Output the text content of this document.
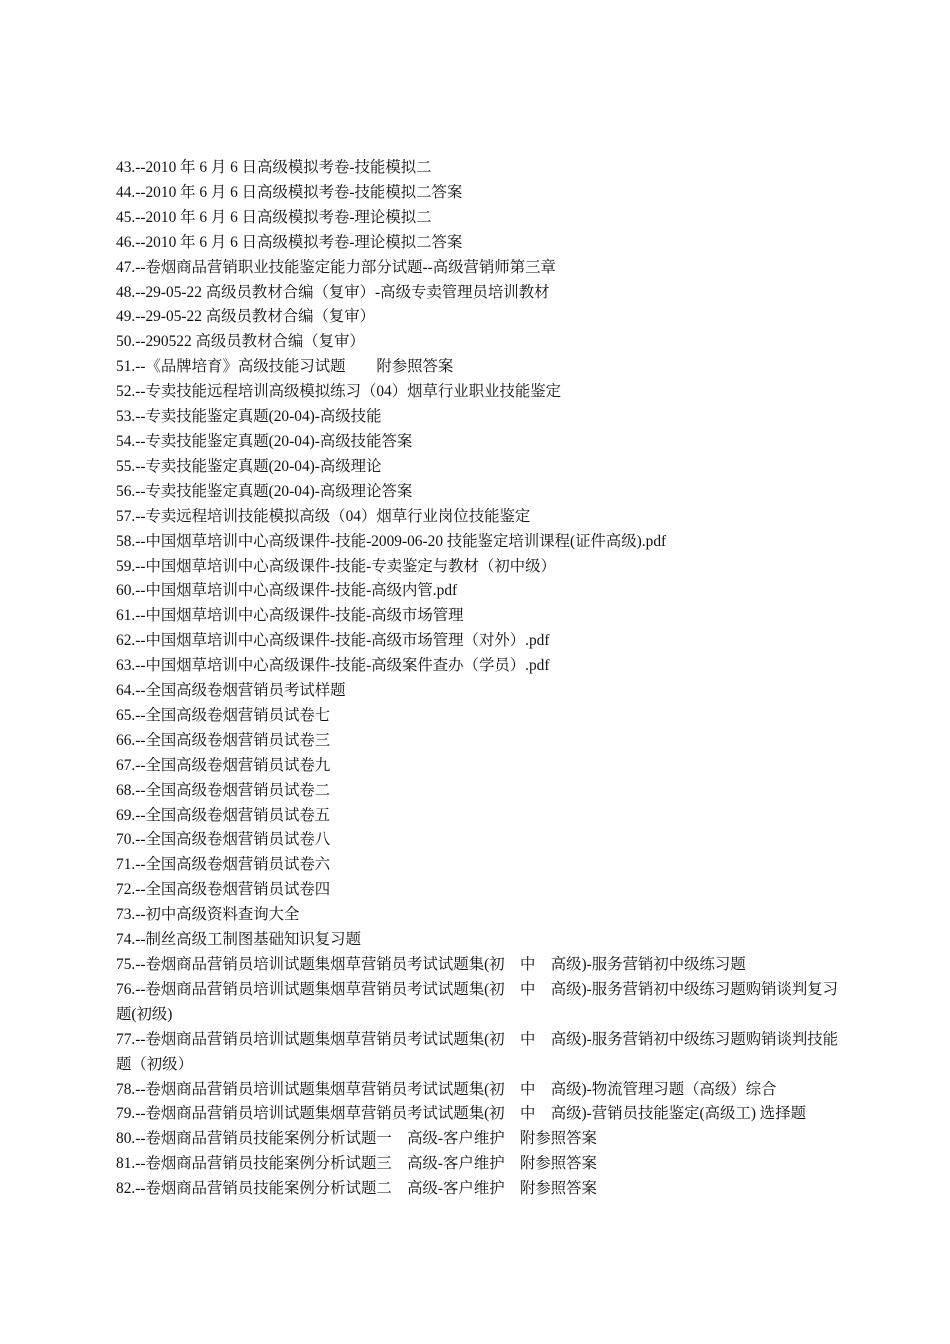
43.--2010 年 6 月 6 日高级模拟考卷-技能模拟二
44.--2010 年 6 月 6 日高级模拟考卷-技能模拟二答案
45.--2010 年 6 月 6 日高级模拟考卷-理论模拟二
46.--2010 年 6 月 6 日高级模拟考卷-理论模拟二答案
47.--卷烟商品营销职业技能鉴定能力部分试题--高级营销师第三章
48.--29-05-22 高级员教材合编（复审）-高级专卖管理员培训教材
49.--29-05-22 高级员教材合编（复审）
50.--290522 高级员教材合编（复审）
51.--《品牌培育》高级技能习试题　　附参照答案
52.--专卖技能远程培训高级模拟练习（04）烟草行业职业技能鉴定
53.--专卖技能鉴定真题(20-04)-高级技能
54.--专卖技能鉴定真题(20-04)-高级技能答案
55.--专卖技能鉴定真题(20-04)-高级理论
56.--专卖技能鉴定真题(20-04)-高级理论答案
57.--专卖远程培训技能模拟高级（04）烟草行业岗位技能鉴定
58.--中国烟草培训中心高级课件-技能-2009-06-20 技能鉴定培训课程(证件高级).pdf
59.--中国烟草培训中心高级课件-技能-专卖鉴定与教材（初中级）
60.--中国烟草培训中心高级课件-技能-高级内管.pdf
61.--中国烟草培训中心高级课件-技能-高级市场管理
62.--中国烟草培训中心高级课件-技能-高级市场管理（对外）.pdf
63.--中国烟草培训中心高级课件-技能-高级案件查办（学员）.pdf
64.--全国高级卷烟营销员考试样题
65.--全国高级卷烟营销员试卷七
66.--全国高级卷烟营销员试卷三
67.--全国高级卷烟营销员试卷九
68.--全国高级卷烟营销员试卷二
69.--全国高级卷烟营销员试卷五
70.--全国高级卷烟营销员试卷八
71.--全国高级卷烟营销员试卷六
72.--全国高级卷烟营销员试卷四
73.--初中高级资料查询大全
74.--制丝高级工制图基础知识复习题
75.--卷烟商品营销员培训试题集烟草营销员考试试题集(初　中　高级)-服务营销初中级练习题
76.--卷烟商品营销员培训试题集烟草营销员考试试题集(初　中　高级)-服务营销初中级练习题购销谈判复习题(初级)
77.--卷烟商品营销员培训试题集烟草营销员考试试题集(初　中　高级)-服务营销初中级练习题购销谈判技能题（初级）
78.--卷烟商品营销员培训试题集烟草营销员考试试题集(初　中　高级)-物流管理习题（高级）综合
79.--卷烟商品营销员培训试题集烟草营销员考试试题集(初　中　高级)-营销员技能鉴定(高级工) 选择题
80.--卷烟商品营销员技能案例分析试题一　高级-客户维护　附参照答案
81.--卷烟商品营销员技能案例分析试题三　高级-客户维护　附参照答案
82.--卷烟商品营销员技能案例分析试题二　高级-客户维护　附参照答案
